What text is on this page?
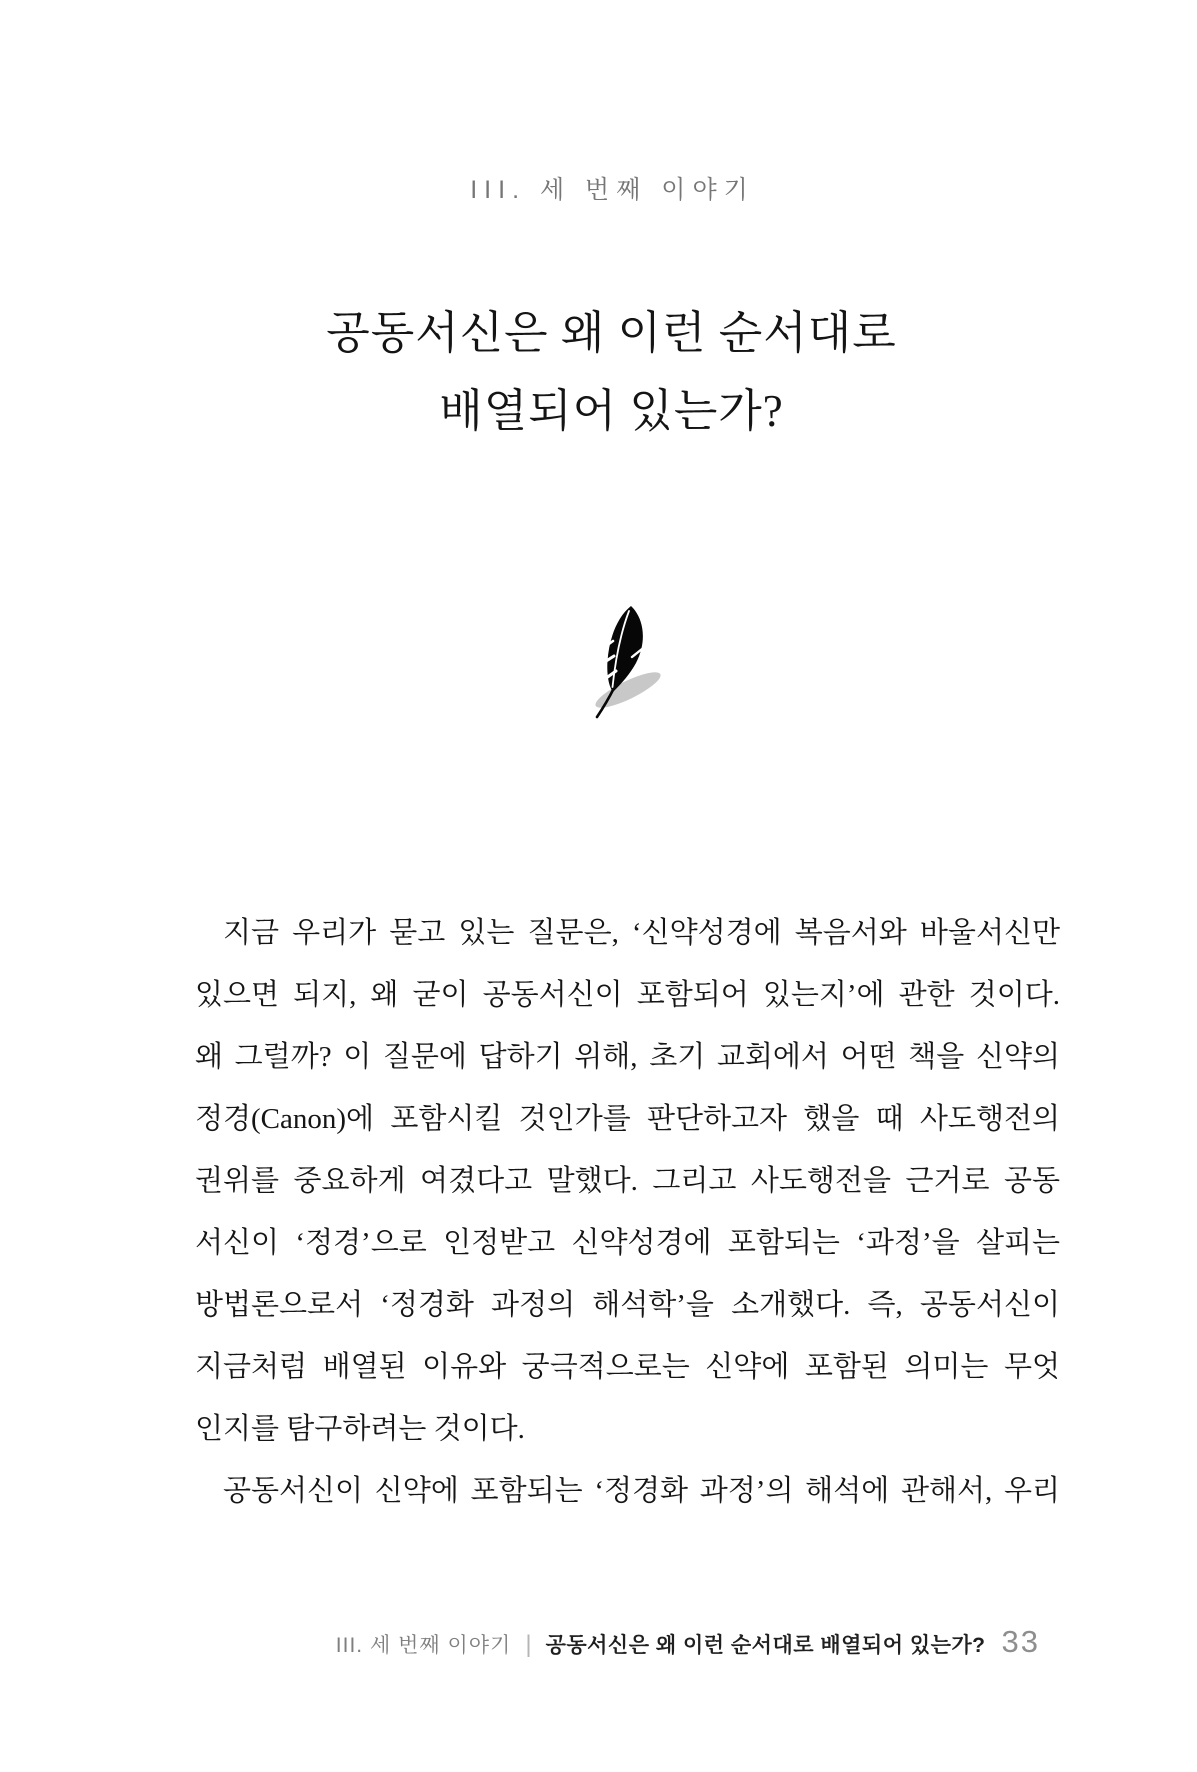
III. 세 번째 이야기
공동서신은 왜 이런 순서대로
배열되어 있는가?

지금 우리가 묻고 있는 질문은, ‘신약성경에 복음서와 바울서신만

있으면 되지, 왜 굳이 공동서신이 포함되어 있는지’에 관한 것이다.

왜 그럴까? 이 질문에 답하기 위해, 초기 교회에서 어떤 책을 신약의

정경(Canon)에 포함시킬 것인가를 판단하고자 했을 때 사도행전의

권위를 중요하게 여겼다고 말했다. 그리고 사도행전을 근거로 공동

서신이 ‘정경’으로 인정받고 신약성경에 포함되는 ‘과정’을 살피는

방법론으로서 ‘정경화 과정의 해석학’을 소개했다. 즉, 공동서신이

지금처럼 배열된 이유와 궁극적으로는 신약에 포함된 의미는 무엇

인지를 탐구하려는 것이다.

공동서신이 신약에 포함되는 ‘정경화 과정’의 해석에 관해서, 우리

III. 세 번째 이야기 | 공동서신은 왜 이런 순서대로 배열되어 있는가? 33
